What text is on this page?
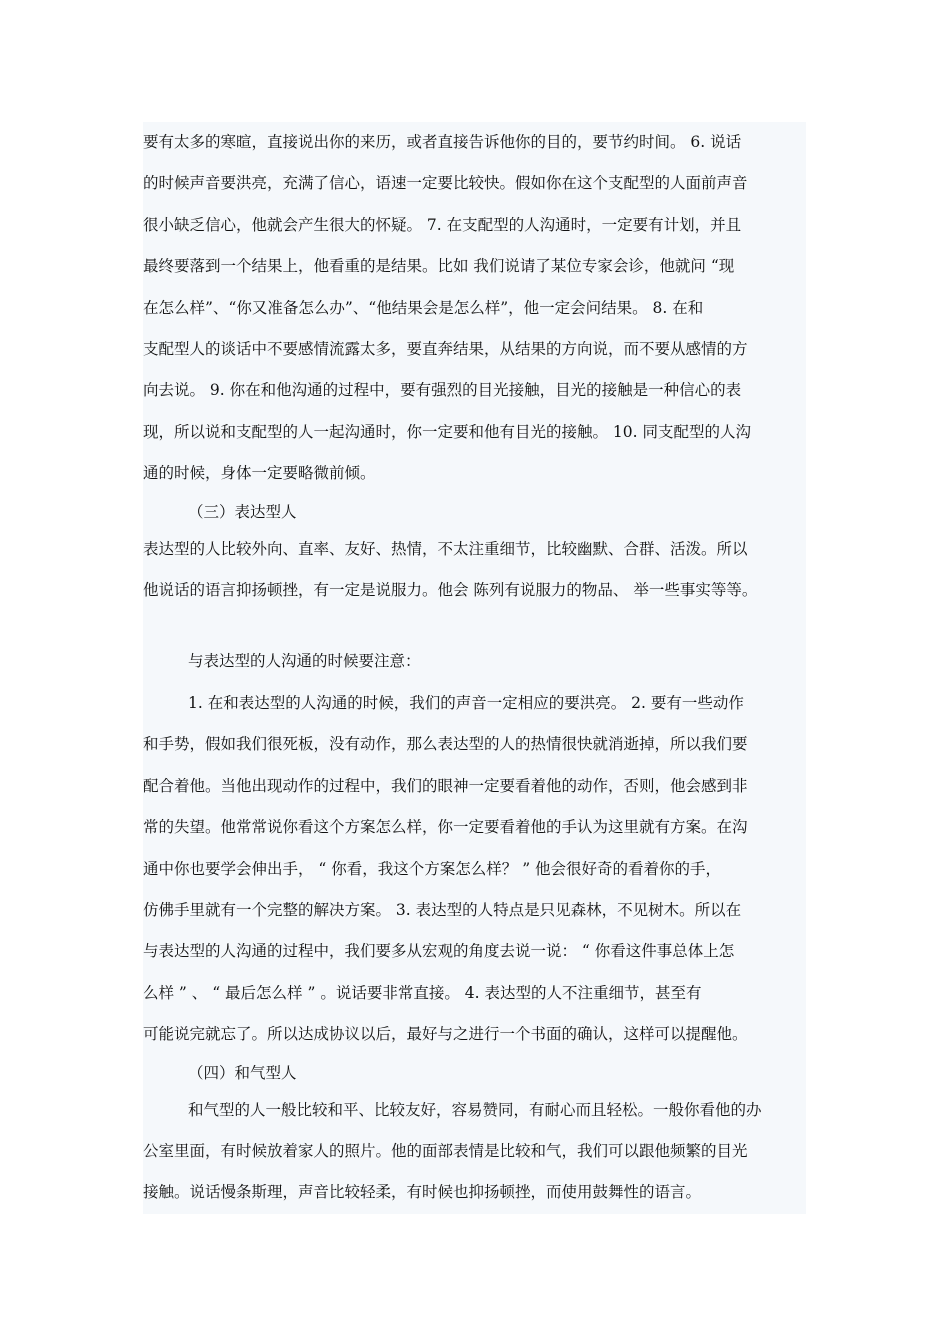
要有太多的寒暄，直接说出你的来历，或者直接告诉他你的目的，要节约时间。 6. 说话

的时候声音要洪亮，充满了信心，语速一定要比较快。假如你在这个支配型的人面前声音

很小缺乏信心，他就会产生很大的怀疑。 7. 在支配型的人沟通时，一定要有计划，并且

最终要落到一个结果上，他看重的是结果。比如 我们说请了某位专家会诊，他就问 “现

在怎么样”、“你又准备怎么办”、“他结果会是怎么样”，他一定会问结果。 8. 在和

支配型人的谈话中不要感情流露太多，要直奔结果，从结果的方向说，而不要从感情的方

向去说。 9. 你在和他沟通的过程中，要有强烈的目光接触，目光的接触是一种信心的表

现，所以说和支配型的人一起沟通时，你一定要和他有目光的接触。 10. 同支配型的人沟

通的时候，身体一定要略微前倾。

（三）表达型人

表达型的人比较外向、直率、友好、热情，不太注重细节，比较幽默、合群、活泼。所以

他说话的语言抑扬顿挫，有一定是说服力。他会 陈列有说服力的物品、 举一些事实等等。

与表达型的人沟通的时候要注意：

1. 在和表达型的人沟通的时候，我们的声音一定相应的要洪亮。 2. 要有一些动作

和手势，假如我们很死板，没有动作，那么表达型的人的热情很快就消逝掉，所以我们要

配合着他。当他出现动作的过程中，我们的眼神一定要看着他的动作，否则，他会感到非

常的失望。他常常说你看这个方案怎么样，你一定要看着他的手认为这里就有方案。在沟

通中你也要学会伸出手， “ 你看，我这个方案怎么样？ ” 他会很好奇的看着你的手，

仿佛手里就有一个完整的解决方案。 3. 表达型的人特点是只见森林，不见树木。所以在

与表达型的人沟通的过程中，我们要多从宏观的角度去说一说： “ 你看这件事总体上怎

么样 ” 、 “ 最后怎么样 ” 。说话要非常直接。 4. 表达型的人不注重细节，甚至有

可能说完就忘了。所以达成协议以后，最好与之进行一个书面的确认，这样可以提醒他。

（四）和气型人

和气型的人一般比较和平、比较友好，容易赞同，有耐心而且轻松。一般你看他的办

公室里面，有时候放着家人的照片。他的面部表情是比较和气，我们可以跟他频繁的目光

接触。说话慢条斯理，声音比较轻柔，有时候也抑扬顿挫，而使用鼓舞性的语言。
